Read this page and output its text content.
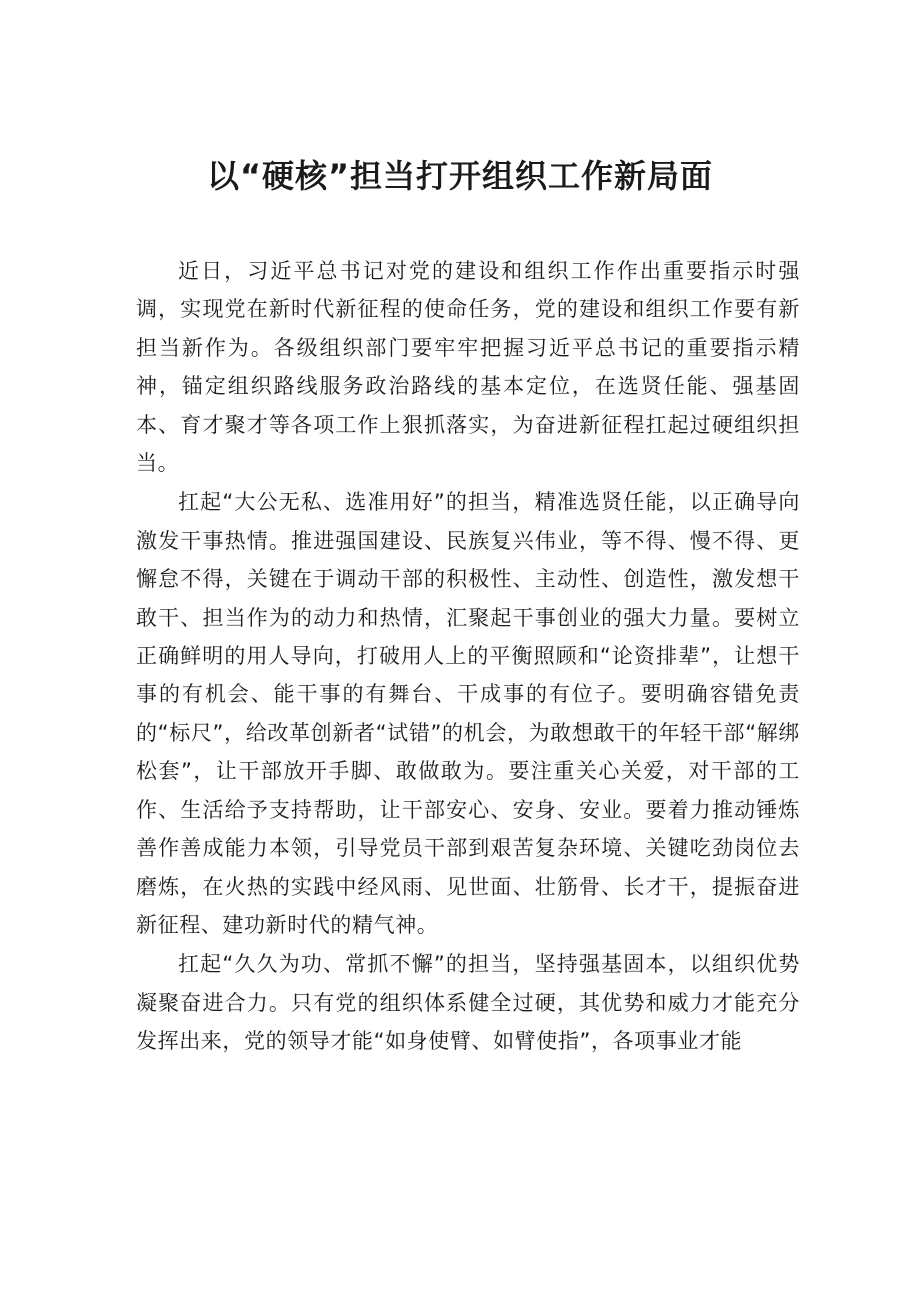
以“硬核”担当打开组织工作新局面

近日，习近平总书记对党的建设和组织工作作出重要指示时强调，实现党在新时代新征程的使命任务，党的建设和组织工作要有新担当新作为。各级组织部门要牢牢把握习近平总书记的重要指示精神，锚定组织路线服务政治路线的基本定位，在选贤任能、强基固本、育才聚才等各项工作上狠抓落实，为奋进新征程扛起过硬组织担当。

扛起“大公无私、选准用好”的担当，精准选贤任能，以正确导向激发干事热情。推进强国建设、民族复兴伟业，等不得、慢不得、更懈怠不得，关键在于调动干部的积极性、主动性、创造性，激发想干敢干、担当作为的动力和热情，汇聚起干事创业的强大力量。要树立正确鲜明的用人导向，打破用人上的平衡照顾和“论资排辈”，让想干事的有机会、能干事的有舞台、干成事的有位子。要明确容错免责的“标尺”，给改革创新者“试错”的机会，为敢想敢干的年轻干部“解绑松套”，让干部放开手脚、敢做敢为。要注重关心关爱，对干部的工作、生活给予支持帮助，让干部安心、安身、安业。要着力推动锤炼善作善成能力本领，引导党员干部到艰苦复杂环境、关键吃劲岗位去磨炼，在火热的实践中经风雨、见世面、壮筋骨、长才干，提振奋进新征程、建功新时代的精气神。

扛起“久久为功、常抓不懈”的担当，坚持强基固本，以组织优势凝聚奋进合力。只有党的组织体系健全过硬，其优势和威力才能充分发挥出来，党的领导才能“如身使臂、如臂使指”，各项事业才能
